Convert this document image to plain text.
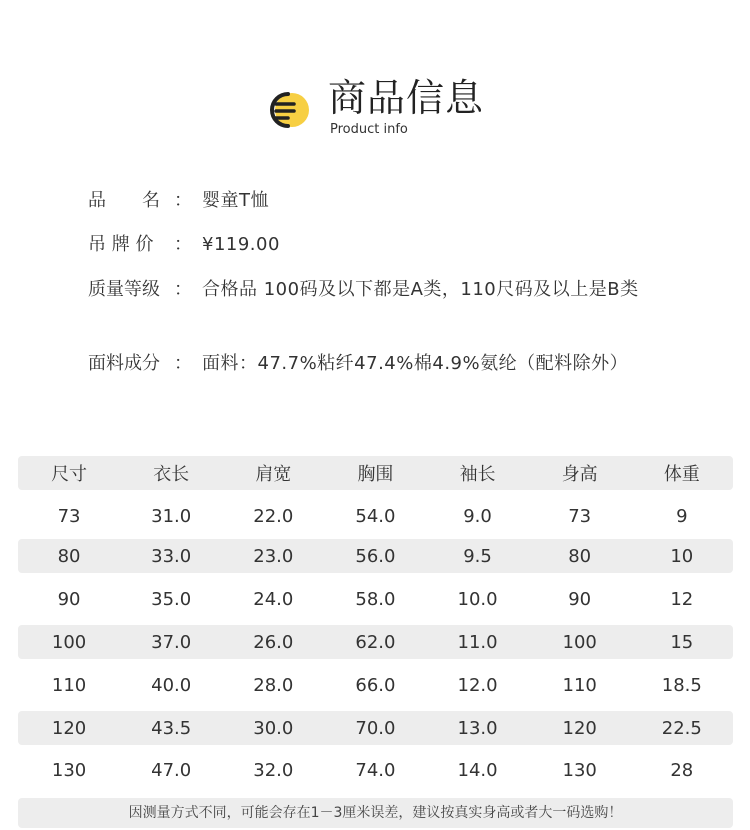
商品信息
Product info
品　　名 ： 婴童T恤
吊 牌 价	： ¥119.00
质量等级 ： 合格品 100码及以下都是A类，110尺码及以上是B类
面料成分 ： 面料：47.7%粘纤47.4%棉4.9%氨纶（配料除外）
尺寸	衣长	肩宽	胸围	袖长	身高	体重
73	31.0	22.0	54.0	9.0	73	9
80	33.0	23.0	56.0	9.5	80	10
90	35.0	24.0	58.0	10.0	90	12
100	37.0	26.0	62.0	11.0	100	15
110	40.0	28.0	66.0	12.0	110	18.5
120	43.5	30.0	70.0	13.0	120	22.5
130	47.0	32.0	74.0	14.0	130	28
因测量方式不同，可能会存在1－3厘米误差，建议按真实身高或者大一码选购！
